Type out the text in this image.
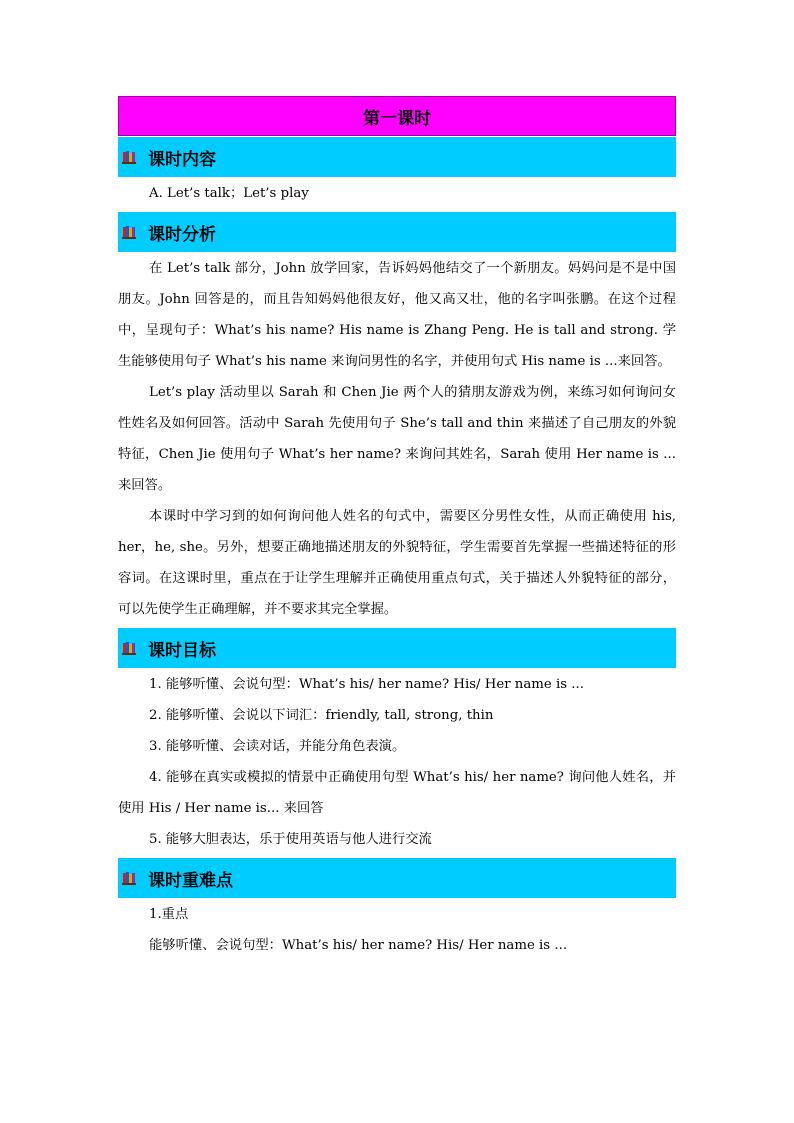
第一课时
课时内容

A. Let’s talk；Let’s play

课时分析

在 Let’s talk 部分，John 放学回家，告诉妈妈他结交了一个新朋友。妈妈问是不是中国朋友。John 回答是的，而且告知妈妈他很友好，他又高又壮，他的名字叫张鹏。在这个过程中，呈现句子：What’s his name? His name is Zhang Peng. He is tall and strong. 学生能够使用句子 What’s his name 来询问男性的名字，并使用句式 His name is ...来回答。

Let’s play 活动里以 Sarah 和 Chen Jie 两个人的猜朋友游戏为例，来练习如何询问女性姓名及如何回答。活动中 Sarah 先使用句子 She’s tall and thin 来描述了自己朋友的外貌特征，Chen Jie 使用句子 What’s her name? 来询问其姓名，Sarah 使用 Her name is ...来回答。

本课时中学习到的如何询问他人姓名的句式中，需要区分男性女性，从而正确使用 his, her，he, she。另外，想要正确地描述朋友的外貌特征，学生需要首先掌握一些描述特征的形容词。在这课时里，重点在于让学生理解并正确使用重点句式，关于描述人外貌特征的部分，可以先使学生正确理解，并不要求其完全掌握。

课时目标

1. 能够听懂、会说句型：What’s his/ her name? His/ Her name is ...

2. 能够听懂、会说以下词汇：friendly, tall, strong, thin

3. 能够听懂、会读对话，并能分角色表演。

4. 能够在真实或模拟的情景中正确使用句型 What’s his/ her name? 询问他人姓名，并使用 His / Her name is... 来回答

5. 能够大胆表达，乐于使用英语与他人进行交流

课时重难点

1.重点

能够听懂、会说句型：What’s his/ her name? His/ Her name is ...
